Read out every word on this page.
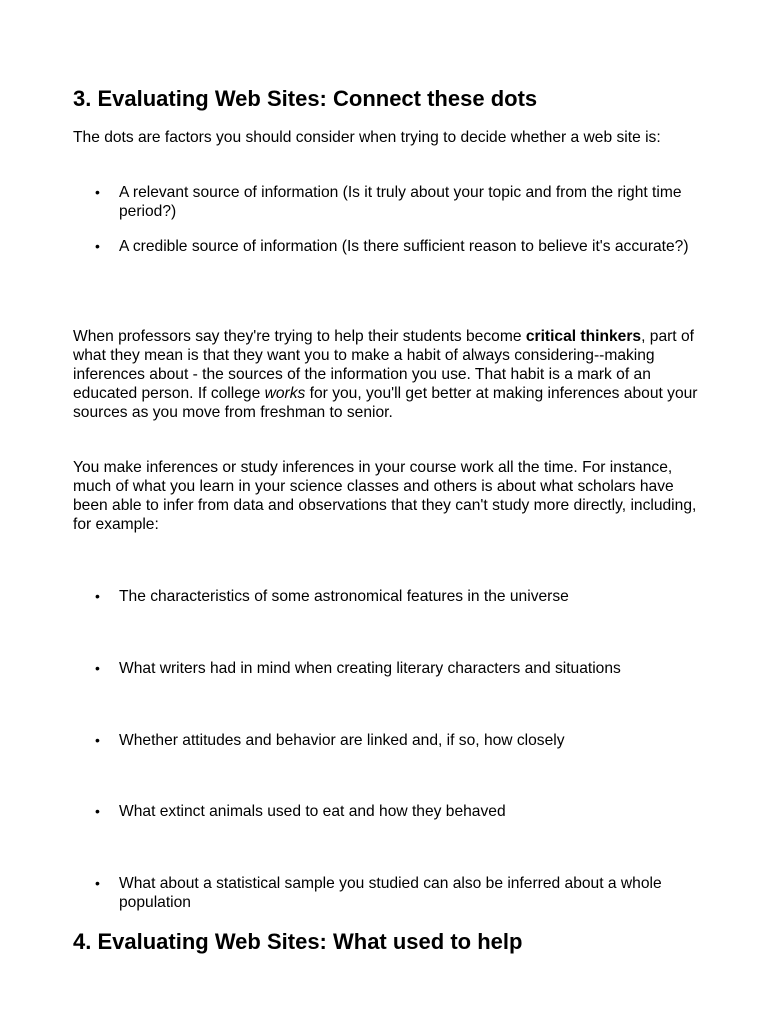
3. Evaluating Web Sites: Connect these dots

The dots are factors you should consider when trying to decide whether a web site is:

• A relevant source of information (Is it truly about your topic and from the right time period?)
• A credible source of information (Is there sufficient reason to believe it's accurate?)

When professors say they're trying to help their students become critical thinkers, part of what they mean is that they want you to make a habit of always considering--making inferences about - the sources of the information you use. That habit is a mark of an educated person. If college works for you, you'll get better at making inferences about your sources as you move from freshman to senior.

You make inferences or study inferences in your course work all the time. For instance, much of what you learn in your science classes and others is about what scholars have been able to infer from data and observations that they can't study more directly, including, for example:

• The characteristics of some astronomical features in the universe
• What writers had in mind when creating literary characters and situations
• Whether attitudes and behavior are linked and, if so, how closely
• What extinct animals used to eat and how they behaved
• What about a statistical sample you studied can also be inferred about a whole population
4. Evaluating Web Sites: What used to help
